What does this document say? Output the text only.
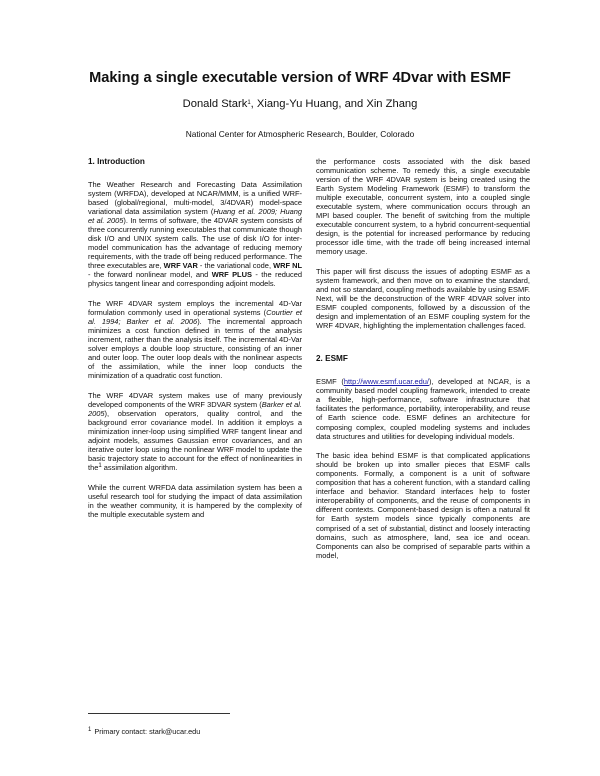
Making a single executable version of WRF 4Dvar with ESMF
Donald Stark$^1$, Xiang-Yu Huang, and Xin Zhang
National Center for Atmospheric Research, Boulder, Colorado
1. Introduction

The Weather Research and Forecasting Data Assimilation system (WRFDA), developed at NCAR/MMM, is a unified WRF-based (global/regional, multi-model, 3/4DVAR) model-space variational data assimilation system (Huang et al. 2009; Huang et al. 2005). In terms of software, the 4DVAR system consists of three concurrently running executables that communicate though disk I/O and UNIX system calls. The use of disk I/O for inter-model communication has the advantage of reducing memory requirements, with the trade off being reduced performance. The three executables are, WRF VAR - the variational code, WRF NL - the forward nonlinear model, and WRF PLUS - the reduced physics tangent linear and corresponding adjoint models.

The WRF 4DVAR system employs the incremental 4D-Var formulation commonly used in operational systems (Courtier et al. 1994; Barker et al. 2006). The incremental approach minimizes a cost function defined in terms of the analysis increment, rather than the analysis itself. The incremental 4D-Var solver employs a double loop structure, consisting of an inner and outer loop. The outer loop deals with the nonlinear aspects of the assimilation, while the inner loop conducts the minimization of a quadratic cost function.

The WRF 4DVAR system makes use of many previously developed components of the WRF 3DVAR system (Barker et al. 2005), observation operators, quality control, and the background error covariance model. In addition it employs a minimization inner-loop using simplified WRF tangent linear and adjoint models, assumes Gaussian error covariances, and an iterative outer loop using the nonlinear WRF model to update the basic trajectory state to account for the effect of nonlinearities in the$^1$ assimilation algorithm.

While the current WRFDA data assimilation system has been a useful research tool for studying the impact of data assimilation in the weather community, it is hampered by the complexity of the multiple executable system and

the performance costs associated with the disk based communication scheme. To remedy this, a single executable version of the WRF 4DVAR system is being created using the Earth System Modeling Framework (ESMF) to transform the multiple executable, concurrent system, into a coupled single executable system, where communication occurs through an MPI based coupler. The benefit of switching from the multiple executable concurrent system, to a hybrid concurrent-sequential design, is the potential for increased performance by reducing processor idle time, with the trade off being increased internal memory usage.

This paper will first discuss the issues of adopting ESMF as a system framework, and then move on to examine the standard, and not so standard, coupling methods available by using ESMF. Next, will be the deconstruction of the WRF 4DVAR solver into ESMF coupled components, followed by a discussion of the design and implementation of an ESMF coupling system for the WRF 4DVAR, highlighting the implementation challenges faced.

2. ESMF

ESMF (http://www.esmf.ucar.edu/), developed at NCAR, is a community based model coupling framework, intended to create a flexible, high-performance, software infrastructure that facilitates the performance, portability, interoperability, and reuse of Earth science code. ESMF defines an architecture for composing complex, coupled modeling systems and includes data structures and utilities for developing individual models.

The basic idea behind ESMF is that complicated applications should be broken up into smaller pieces that ESMF calls components. Formally, a component is a unit of software composition that has a coherent function, with a standard calling interface and behavior. Standard interfaces help to foster interoperability of components, and the reuse of components in different contexts. Component-based design is often a natural fit for Earth system models since typically components are comprised of a set of substantial, distinct and loosely interacting domains, such as atmosphere, land, sea ice and ocean. Components can also be comprised of separable parts within a model,

$^1$ Primary contact: stark@ucar.edu
